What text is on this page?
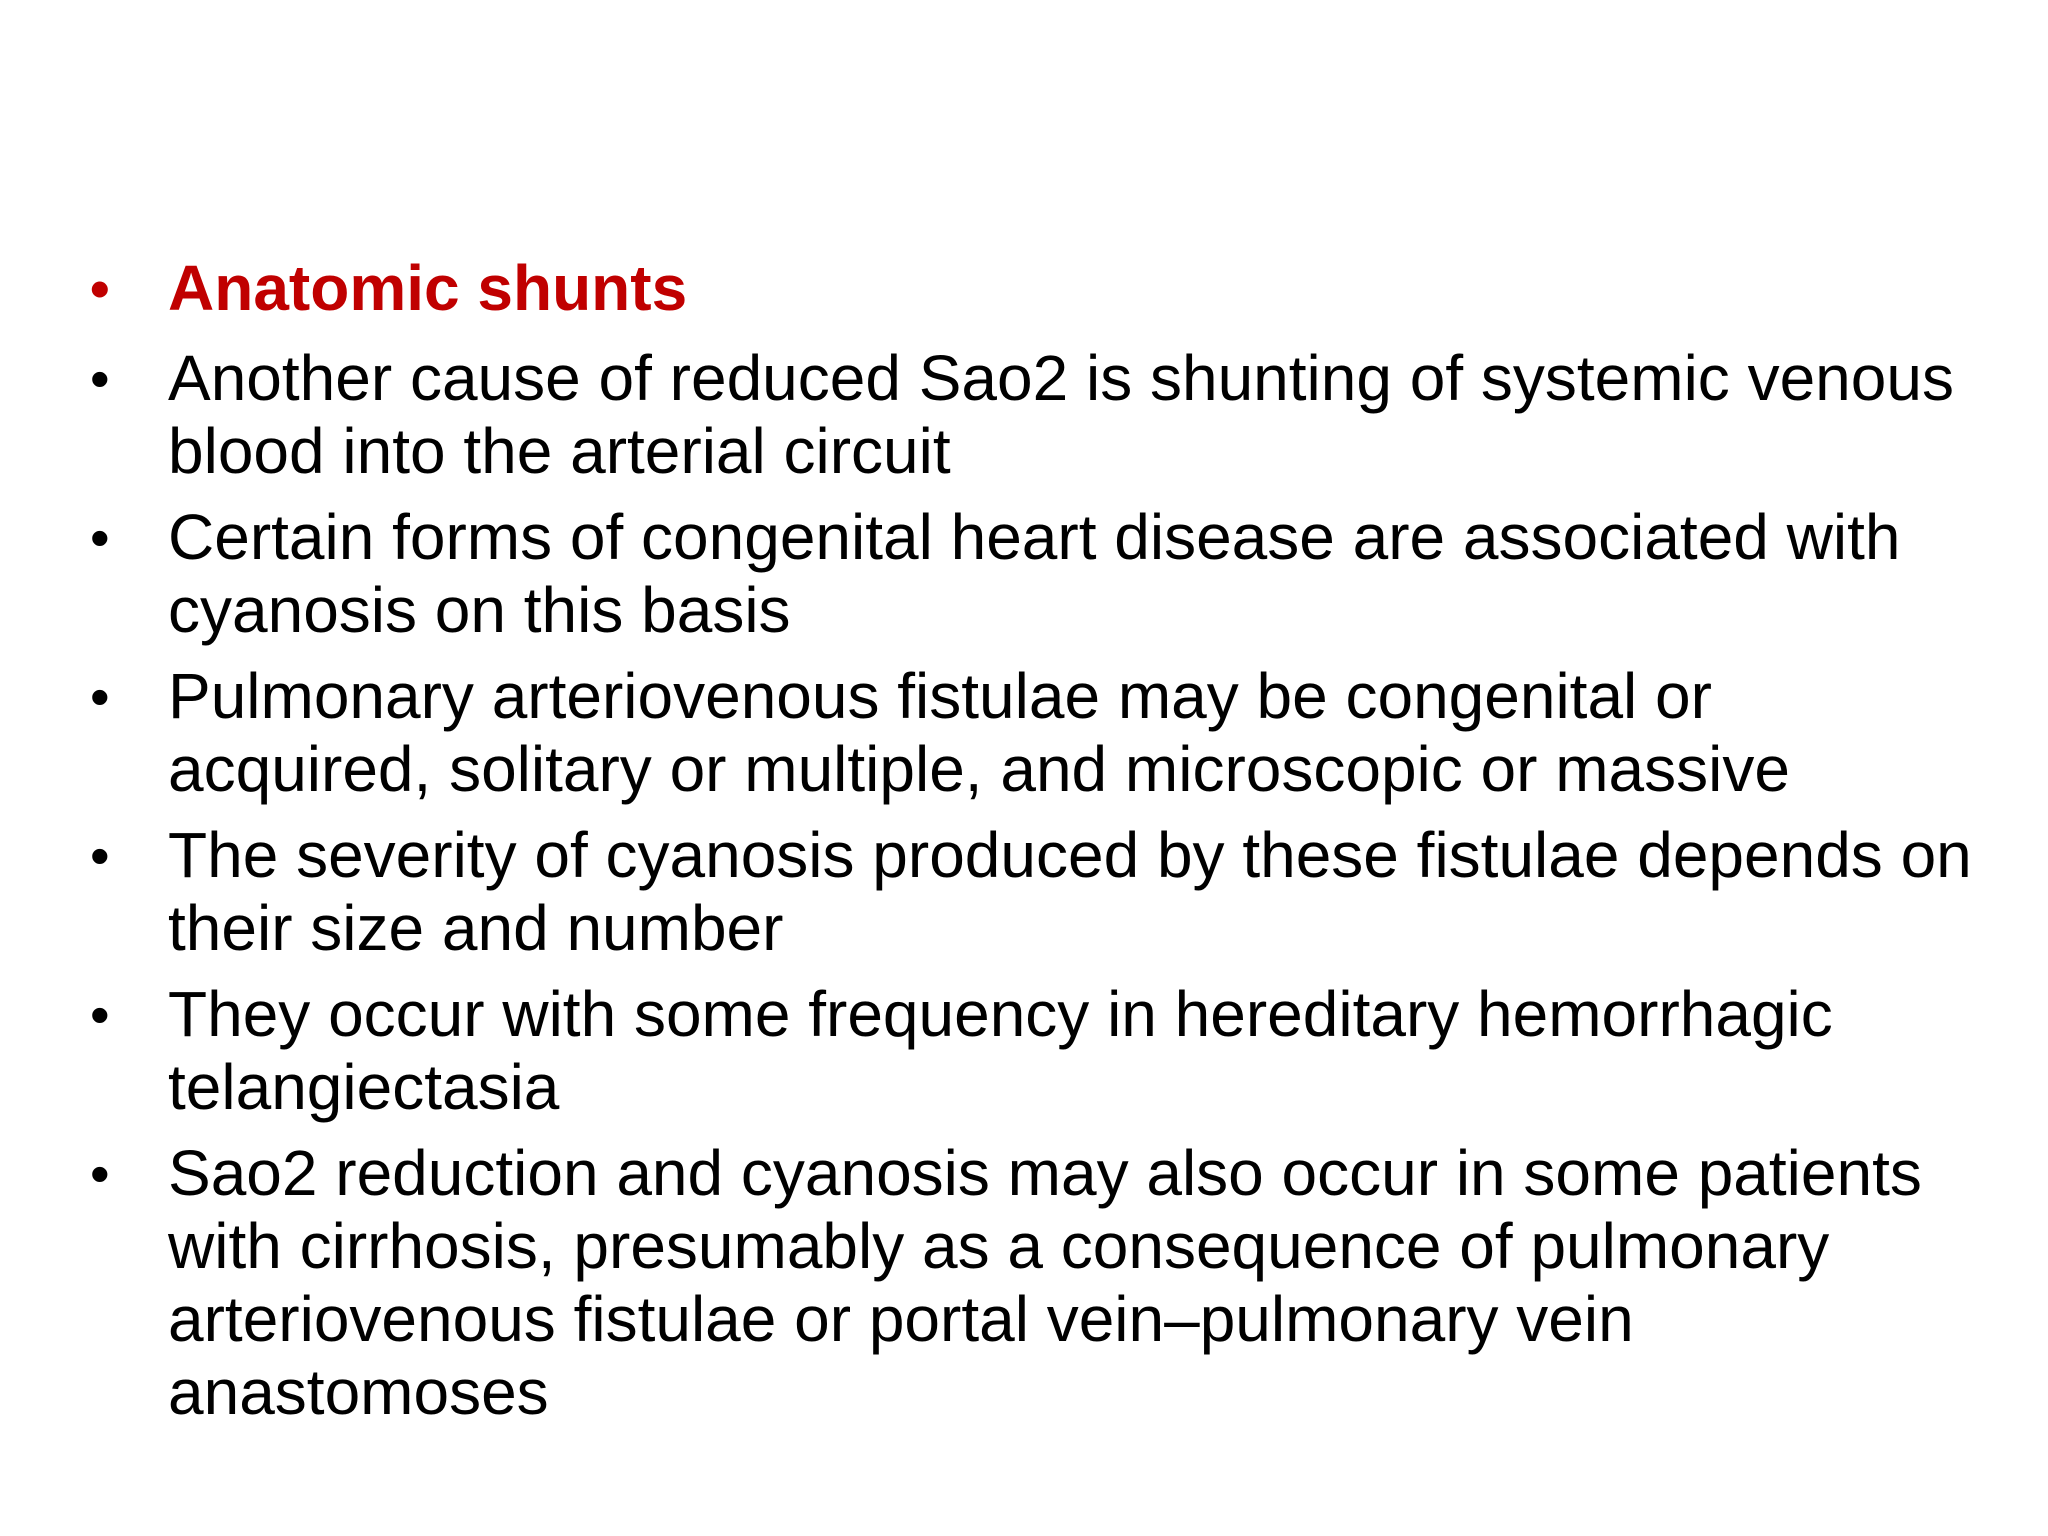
• Anatomic shunts
• Another cause of reduced Sao2 is shunting of systemic venous blood into the arterial circuit
• Certain forms of congenital heart disease are associated with cyanosis on this basis
• Pulmonary arteriovenous fistulae may be congenital or acquired, solitary or multiple, and microscopic or massive
• The severity of cyanosis produced by these fistulae depends on their size and number
• They occur with some frequency in hereditary hemorrhagic telangiectasia
• Sao2 reduction and cyanosis may also occur in some patients with cirrhosis, presumably as a consequence of pulmonary arteriovenous fistulae or portal vein–pulmonary vein anastomoses
